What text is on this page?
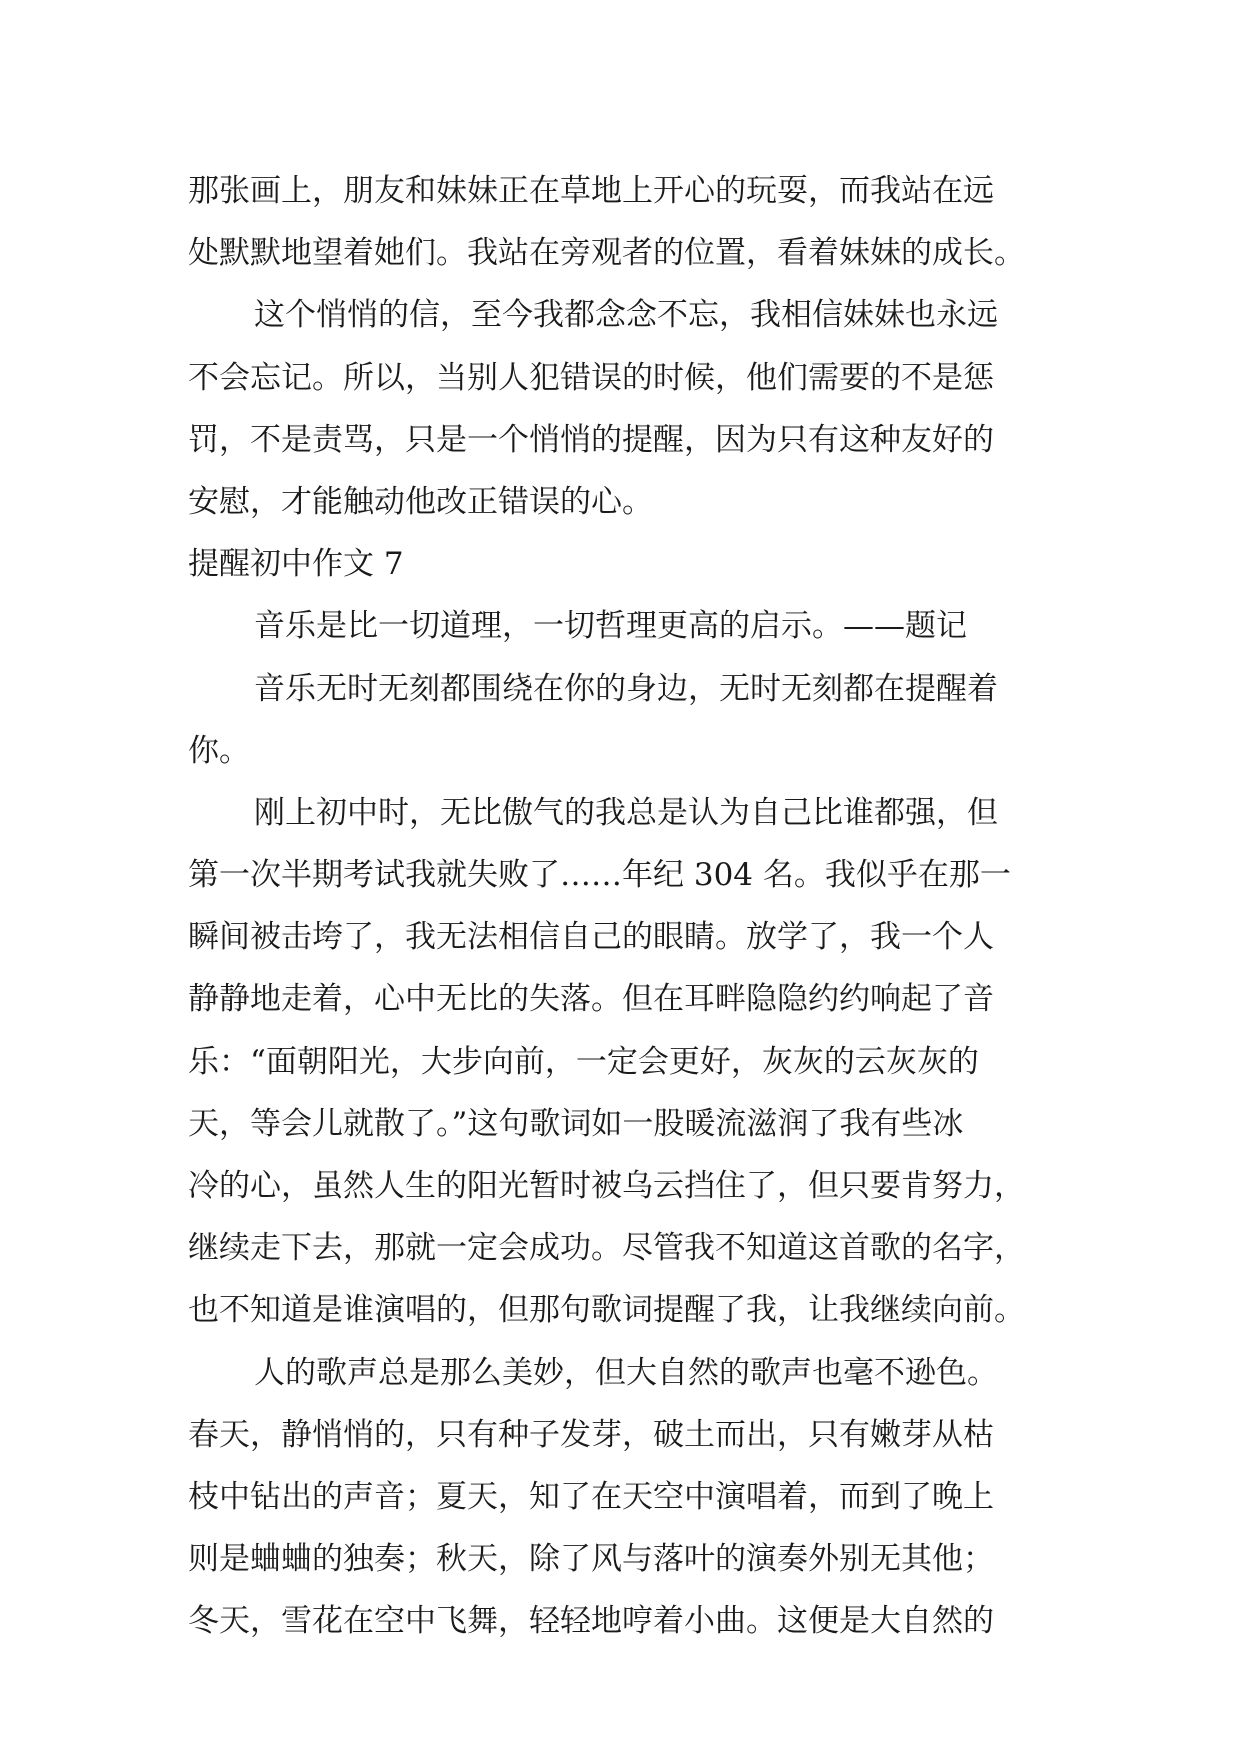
那张画上，朋友和妹妹正在草地上开心的玩耍，而我站在远
处默默地望着她们。我站在旁观者的位置，看着妹妹的成长。
这个悄悄的信，至今我都念念不忘，我相信妹妹也永远
不会忘记。所以，当别人犯错误的时候，他们需要的不是惩
罚，不是责骂，只是一个悄悄的提醒，因为只有这种友好的
安慰，才能触动他改正错误的心。
提醒初中作文 7
音乐是比一切道理，一切哲理更高的启示。——题记
音乐无时无刻都围绕在你的身边，无时无刻都在提醒着
你。
刚上初中时，无比傲气的我总是认为自己比谁都强，但
第一次半期考试我就失败了……年纪 304 名。我似乎在那一
瞬间被击垮了，我无法相信自己的眼睛。放学了，我一个人
静静地走着，心中无比的失落。但在耳畔隐隐约约响起了音
乐：“面朝阳光，大步向前，一定会更好，灰灰的云灰灰的
天，等会儿就散了。”这句歌词如一股暖流滋润了我有些冰
冷的心，虽然人生的阳光暂时被乌云挡住了，但只要肯努力，
继续走下去，那就一定会成功。尽管我不知道这首歌的名字，
也不知道是谁演唱的，但那句歌词提醒了我，让我继续向前。
人的歌声总是那么美妙，但大自然的歌声也毫不逊色。
春天，静悄悄的，只有种子发芽，破土而出，只有嫩芽从枯
枝中钻出的声音；夏天，知了在天空中演唱着，而到了晚上
则是蛐蛐的独奏；秋天，除了风与落叶的演奏外别无其他；
冬天，雪花在空中飞舞，轻轻地哼着小曲。这便是大自然的
